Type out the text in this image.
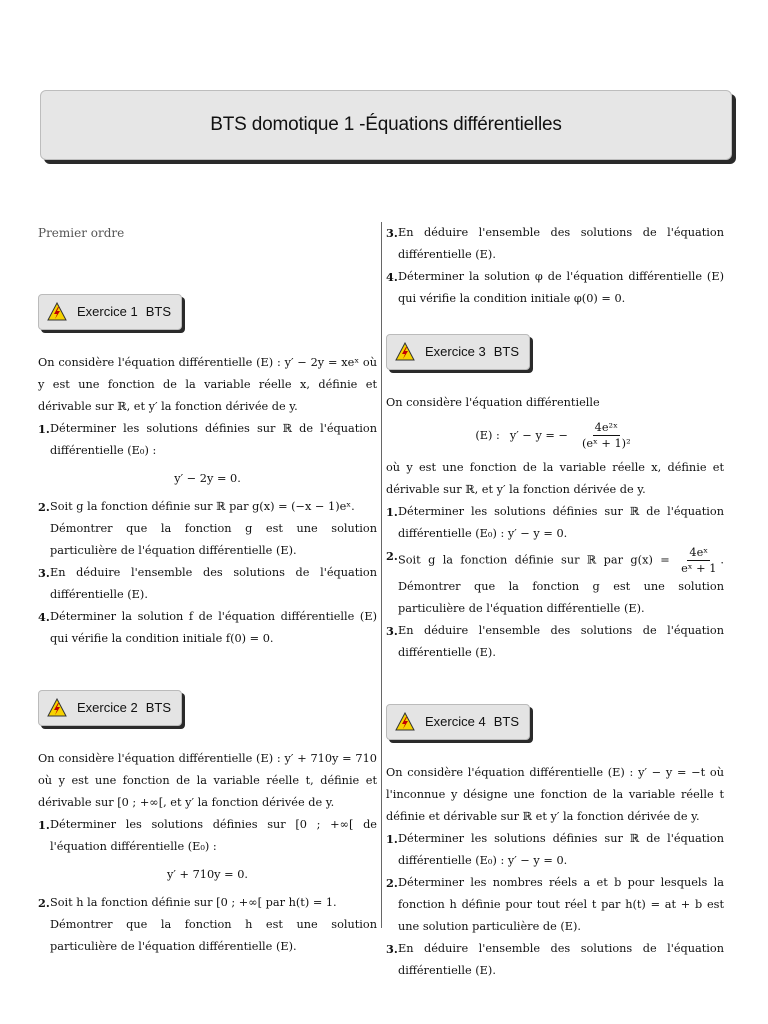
BTS domotique 1 -Équations différentielles
Premier ordre
Exercice 1 BTS

On considère l'équation différentielle (E) : y′ − 2y = xeˣ où y est une fonction de la variable réelle x, définie et dérivable sur ℝ, et y′ la fonction dérivée de y.

1. Déterminer les solutions définies sur ℝ de l'équation différentielle (E₀) :
y′ − 2y = 0.
2. Soit g la fonction définie sur ℝ par g(x) = (−x − 1)eˣ.
Démontrer que la fonction g est une solution particulière de l'équation différentielle (E).
3. En déduire l'ensemble des solutions de l'équation différentielle (E).
4. Déterminer la solution f de l'équation différentielle (E) qui vérifie la condition initiale f(0) = 0.
Exercice 2 BTS

On considère l'équation différentielle (E) : y′ + 710y = 710 où y est une fonction de la variable réelle t, définie et dérivable sur [0 ; +∞[, et y′ la fonction dérivée de y.

1. Déterminer les solutions définies sur [0 ; +∞[ de l'équation différentielle (E₀) :
y′ + 710y = 0.
2. Soit h la fonction définie sur [0 ; +∞[ par h(t) = 1.
Démontrer que la fonction h est une solution particulière de l'équation différentielle (E).
3. En déduire l'ensemble des solutions de l'équation différentielle (E).
4. Déterminer la solution φ de l'équation différentielle (E) qui vérifie la condition initiale φ(0) = 0.
Exercice 3 BTS

On considère l'équation différentielle

(E) : y′ − y = − $\frac{\text{4e²ˣ}}{\text{(eˣ + 1)²}}$

où y est une fonction de la variable réelle x, définie et dérivable sur ℝ, et y′ la fonction dérivée de y.

1. Déterminer les solutions définies sur ℝ de l'équation différentielle (E₀) : y′ − y = 0.
2. Soit g la fonction définie sur ℝ par $g(x) = \frac{\text{4eˣ}}{\text{eˣ + 1}}$ . Démontrer que la fonction g est une solution particulière de l'équation différentielle (E).
3. En déduire l'ensemble des solutions de l'équation différentielle (E).
Exercice 4 BTS

On considère l'équation différentielle (E) : y′ − y = −t où l'inconnue y désigne une fonction de la variable réelle t définie et dérivable sur ℝ et y′ la fonction dérivée de y.

1. Déterminer les solutions définies sur ℝ de l'équation différentielle (E₀) : y′ − y = 0.
2. Déterminer les nombres réels a et b pour lesquels la fonction h définie pour tout réel t par h(t) = at + b est une solution particulière de (E).
3. En déduire l'ensemble des solutions de l'équation différentielle (E).
